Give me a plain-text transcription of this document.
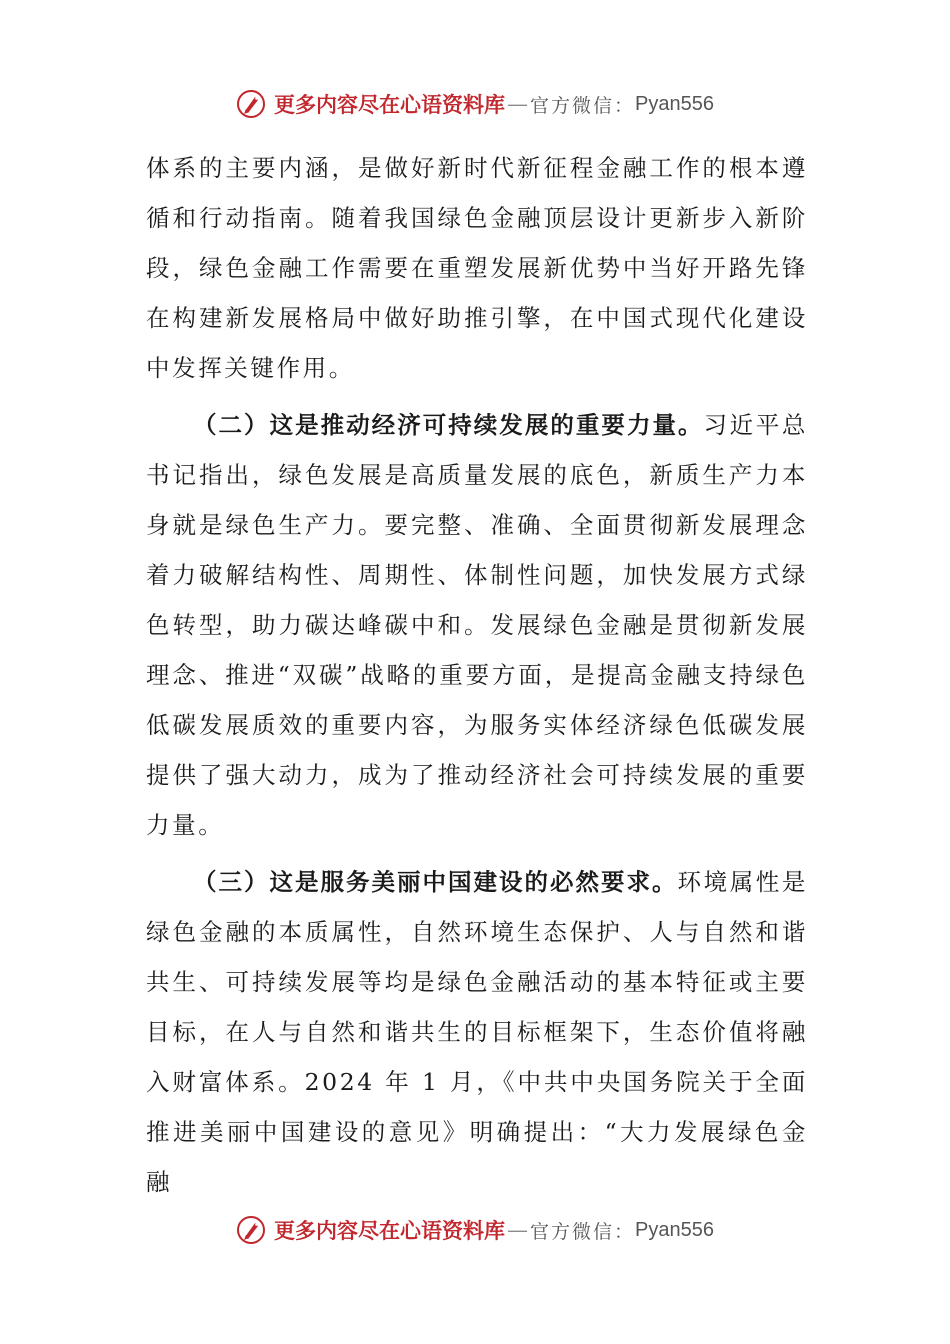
更多内容尽在心语资料库 — 官方微信： Pyan556

体系的主要内涵，是做好新时代新征程金融工作的根本遵循和行动指南。随着我国绿色金融顶层设计更新步入新阶段，绿色金融工作需要在重塑发展新优势中当好开路先锋在构建新发展格局中做好助推引擎，在中国式现代化建设中发挥关键作用。

（二）这是推动经济可持续发展的重要力量。习近平总书记指出，绿色发展是高质量发展的底色，新质生产力本身就是绿色生产力。要完整、准确、全面贯彻新发展理念着力破解结构性、周期性、体制性问题，加快发展方式绿色转型，助力碳达峰碳中和。发展绿色金融是贯彻新发展理念、推进“双碳”战略的重要方面，是提高金融支持绿色低碳发展质效的重要内容，为服务实体经济绿色低碳发展提供了强大动力，成为了推动经济社会可持续发展的重要力量。

（三）这是服务美丽中国建设的必然要求。环境属性是绿色金融的本质属性，自然环境生态保护、人与自然和谐共生、可持续发展等均是绿色金融活动的基本特征或主要目标，在人与自然和谐共生的目标框架下，生态价值将融入财富体系。2024 年 1 月，《中共中央国务院关于全面推进美丽中国建设的意见》明确提出：“大力发展绿色金融

更多内容尽在心语资料库 — 官方微信： Pyan556
